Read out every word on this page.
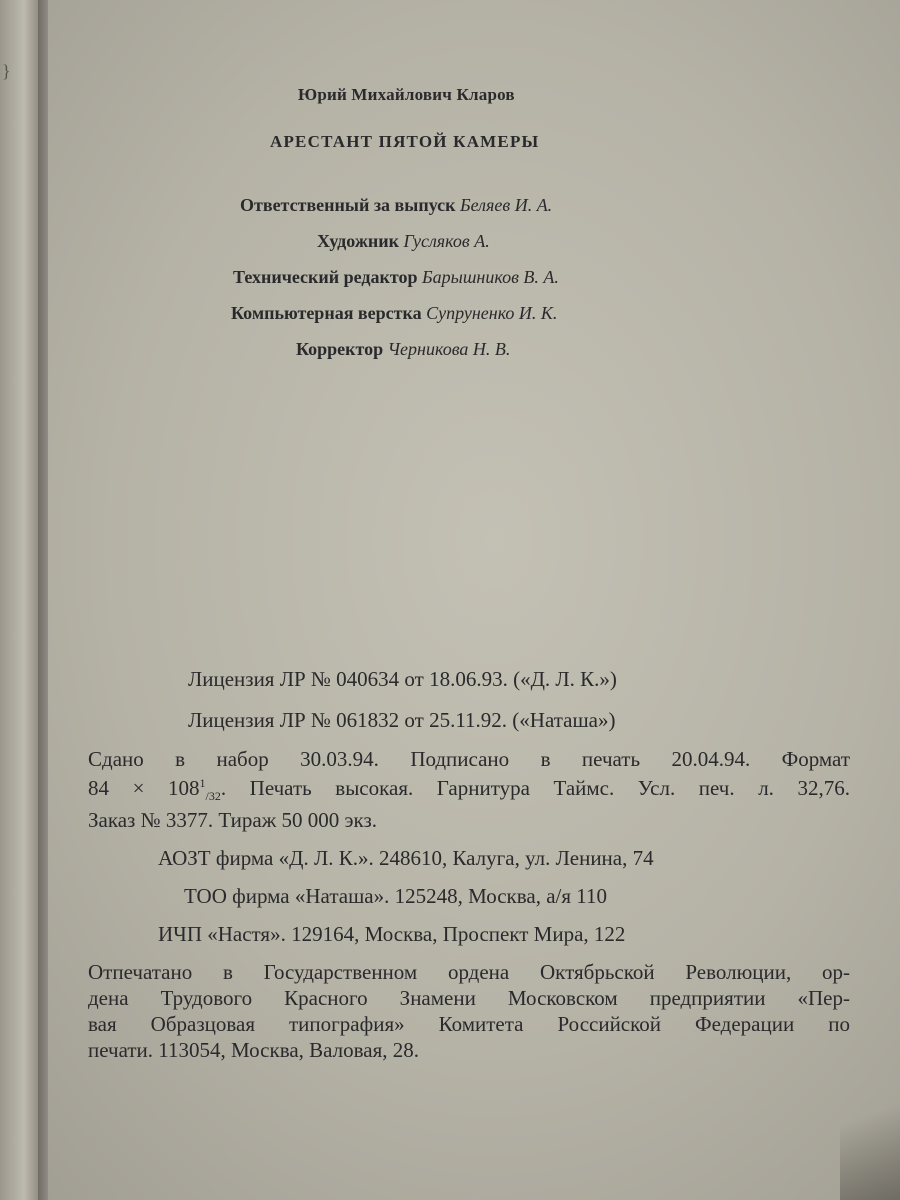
}
Юрий Михайлович Кларов
АРЕСТАНТ ПЯТОЙ КАМЕРЫ
Ответственный за выпуск Беляев И. А.
Художник Гусляков А.
Технический редактор Барышников В. А.
Компьютерная верстка Супруненко И. К.
Корректор Черникова Н. В.
Лицензия ЛР № 040634 от 18.06.93. («Д. Л. К.»)
Лицензия ЛР № 061832 от 25.11.92. («Наташа»)
Сдано в набор 30.03.94. Подписано в печать 20.04.94. Формат
$84 \times 108^1_{/32}$. Печать высокая. Гарнитура Таймс. Усл. печ. л. 32,76.
Заказ № 3377. Тираж 50 000 экз.
АОЗТ фирма «Д. Л. К.». 248610, Калуга, ул. Ленина, 74
ТОО фирма «Наташа». 125248, Москва, а/я 110
ИЧП «Настя». 129164, Москва, Проспект Мира, 122
Отпечатано в Государственном ордена Октябрьской Революции, ор-
дена Трудового Красного Знамени Московском предприятии «Пер-
вая Образцовая типография» Комитета Российской Федерации по
печати. 113054, Москва, Валовая, 28.
